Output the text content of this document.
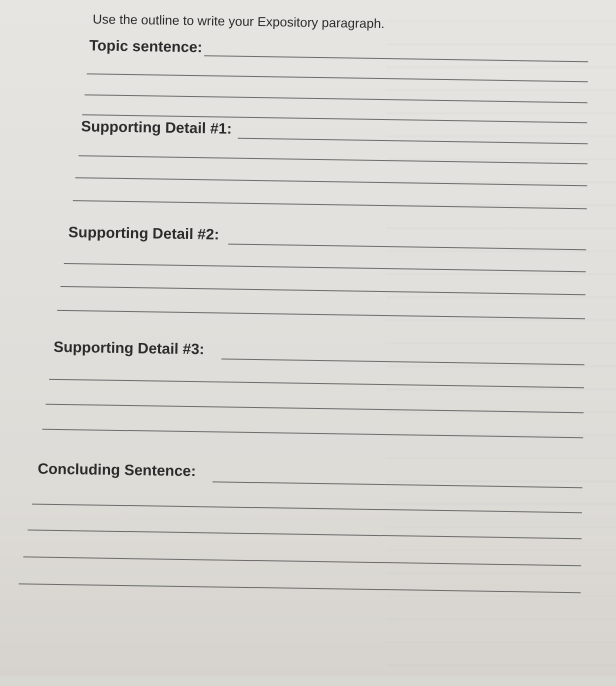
Use the outline to write your Expository paragraph.
Topic sentence:
Supporting Detail #1:
Supporting Detail #2:
Supporting Detail #3:
Concluding Sentence:
